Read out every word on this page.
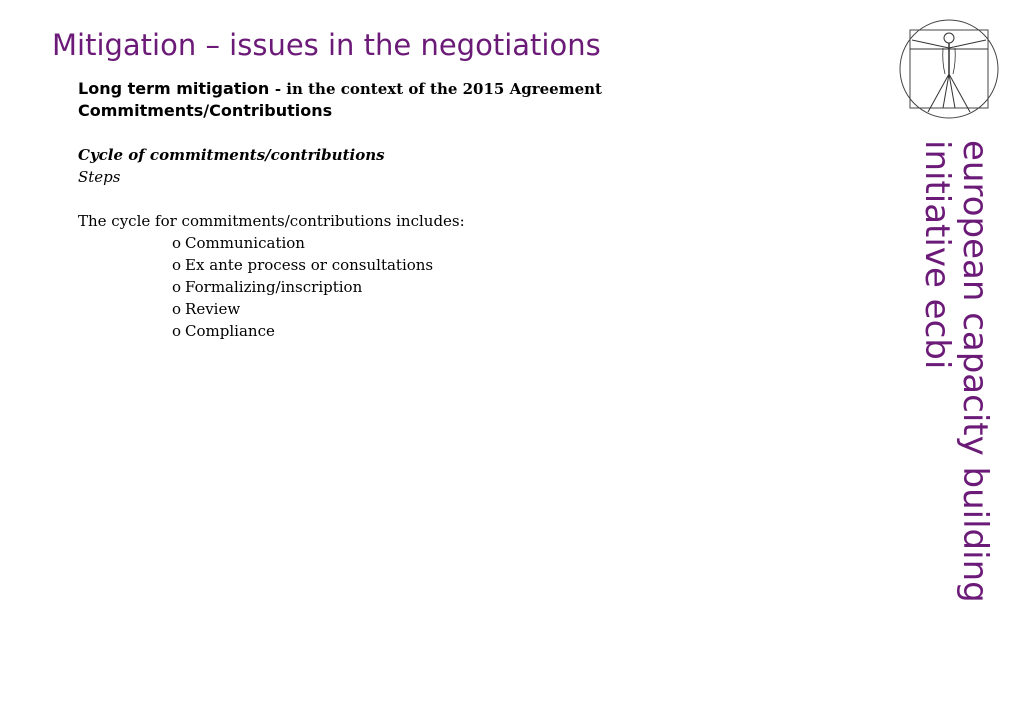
Mitigation – issues in the negotiations

Long term mitigation - in the context of the 2015 Agreement

Commitments/Contributions

Cycle of commitments/contributions

Steps

The cycle for commitments/contributions includes:

o Communication
o Ex ante process or consultations
o Formalizing/inscription
o Review
o Compliance	european capacity building
initiative ecbi
